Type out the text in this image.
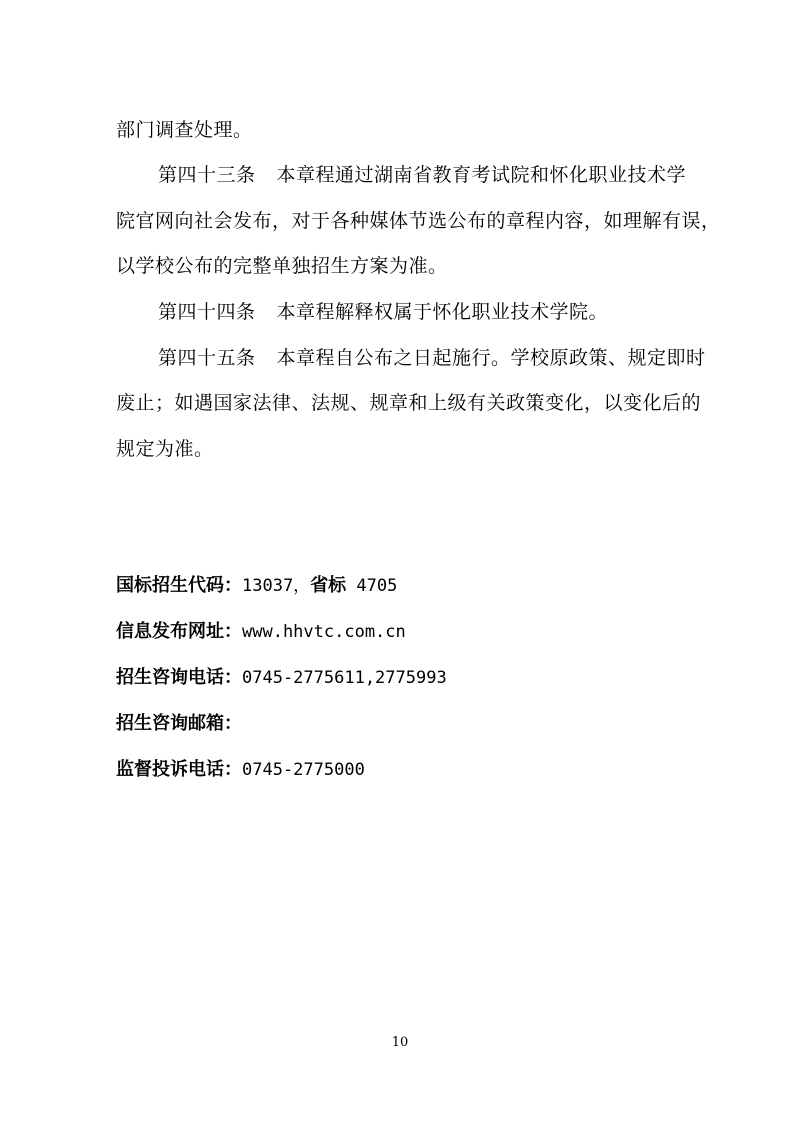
部门调查处理。
第四十三条 本章程通过湖南省教育考试院和怀化职业技术学
院官网向社会发布，对于各种媒体节选公布的章程内容，如理解有误，
以学校公布的完整单独招生方案为准。
第四十四条 本章程解释权属于怀化职业技术学院。
第四十五条 本章程自公布之日起施行。学校原政策、规定即时
废止；如遇国家法律、法规、规章和上级有关政策变化，以变化后的
规定为准。
国标招生代码：13037，省标 4705
信息发布网址：www.hhvtc.com.cn
招生咨询电话：0745-2775611,2775993
招生咨询邮箱：
监督投诉电话：0745-2775000
10
